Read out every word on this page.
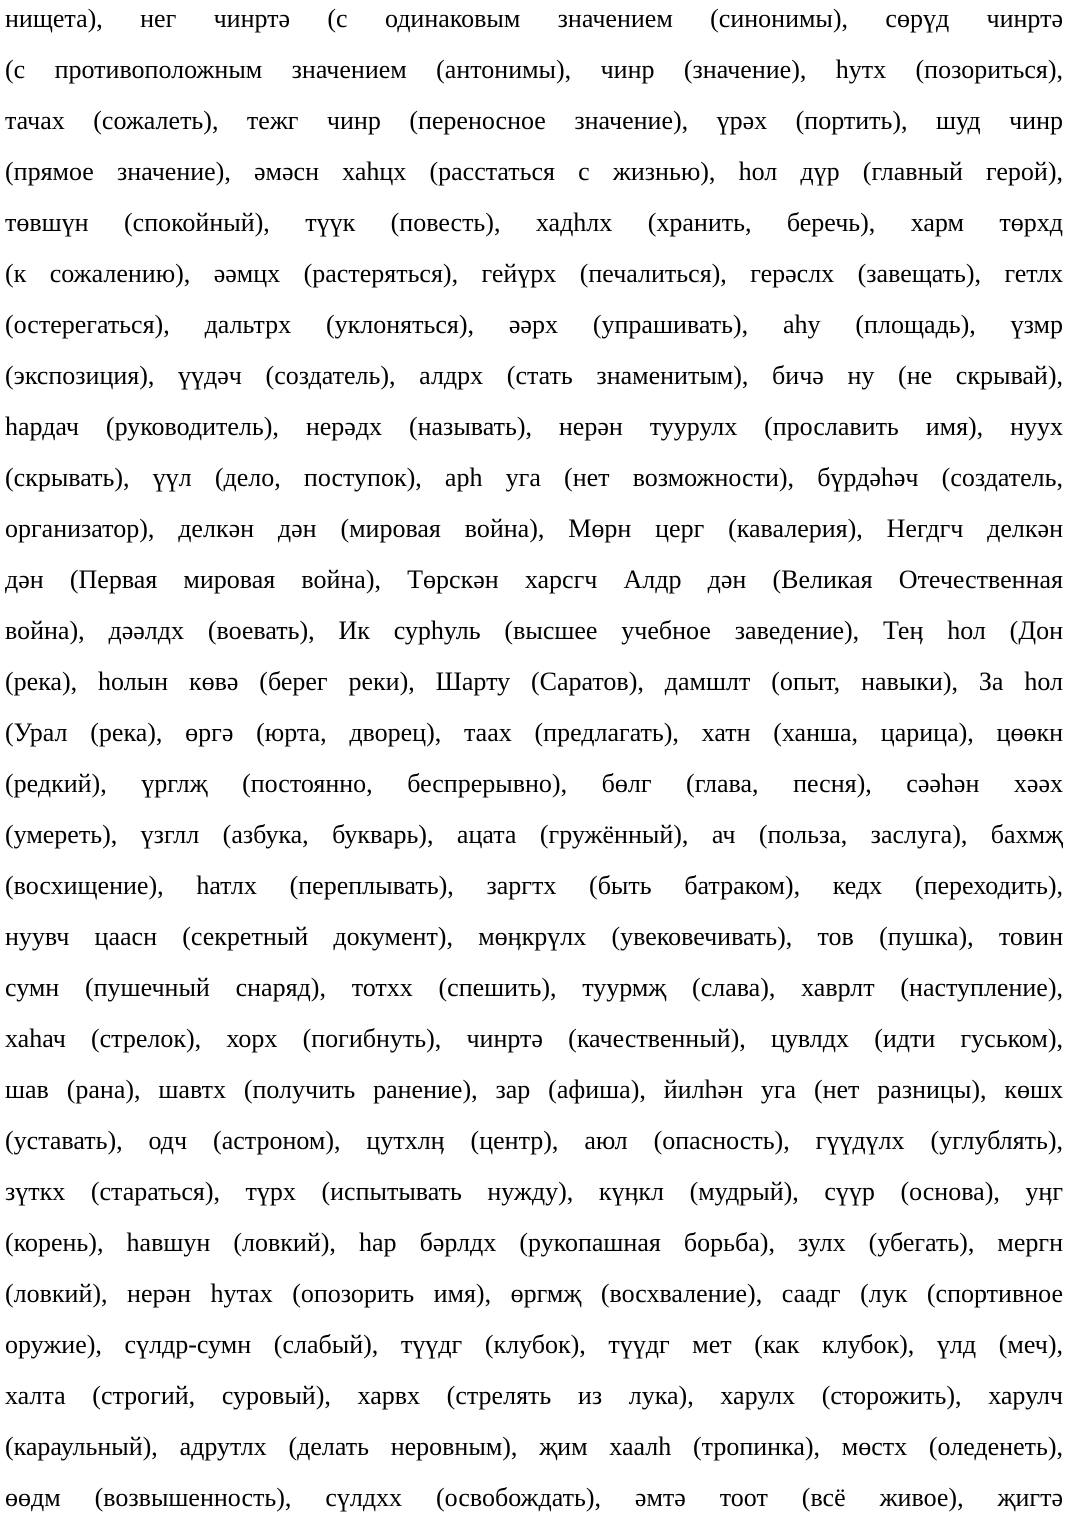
нищета), нег чинртә (с одинаковым значением (синонимы), сөрүд чинртә
(с противоположным значением (антонимы), чинр (значение), һутх (позориться),
тачах (сожалеть), тежг чинр (переносное значение), үрәх (портить), шуд чинр
(прямое значение), әмәсн хаһцх (расстаться с жизнью), һол дүр (главный герой),
төвшүн (спокойный), түүк (повесть), хадһлх (хранить, беречь), харм төрхд
(к сожалению), әәмцх (растеряться), гейүрх (печалиться), герәслх (завещать), гетлх
(остерегаться), дальтрх (уклоняться), әәрх (упрашивать), аһу (площадь), үзмр
(экспозиция), үүдәч (создатель), алдрх (стать знаменитым), бичә ну (не скрывай),
һардач (руководитель), нерәдх (называть), нерән туурулх (прославить имя), нуух
(скрывать), үүл (дело, поступок), арһ уга (нет возможности), бүрдәһәч (создатель,
организатор), делкән дән (мировая война), Мөрн церг (кавалерия), Негдгч делкән
дән (Первая мировая война), Төрскән харсгч Алдр дән (Великая Отечественная
война), дәәлдх (воевать), Ик сурһуль (высшее учебное заведение), Теӊ һол (Дон
(река), һолын көвә (берег реки), Шарту (Саратов), дамшлт (опыт, навыки), За һол
(Урал (река), өргә (юрта, дворец), таах (предлагать), хатн (ханша, царица), цөөкн
(редкий), үрглҗ (постоянно, беспрерывно), бөлг (глава, песня), сәәһән хәәх
(умереть), үзглл (азбука, букварь), ацата (гружённый), ач (польза, заслуга), бахмҗ
(восхищение), һатлх (переплывать), заргтх (быть батраком), кедх (переходить),
нуувч цаасн (секретный документ), мөӊкрүлх (увековечивать), тов (пушка), товин
сумн (пушечный снаряд), тотхх (спешить), туурмҗ (слава), хаврлт (наступление),
хаһач (стрелок), хорх (погибнуть), чинртә (качественный), цувлдх (идти гуськом),
шав (рана), шавтх (получить ранение), зар (афиша), йилһән уга (нет разницы), көшх
(уставать), одч (астроном), цутхлӊ (центр), аюл (опасность), гүүдүлх (углублять),
зүткх (стараться), түрх (испытывать нужду), күӊкл (мудрый), сүүр (основа), уӊг
(корень), һавшун (ловкий), һар бәрлдх (рукопашная борьба), зулх (убегать), мергн
(ловкий), нерән һутах (опозорить имя), өргмҗ (восхваление), саадг (лук (спортивное
оружие), сүлдр-сумн (слабый), түүдг (клубок), түүдг мет (как клубок), үлд (меч),
халта (строгий, суровый), харвх (стрелять из лука), харулх (сторожить), харулч
(караульный), адрутлх (делать неровным), җим хаалһ (тропинка), мөстх (оледенеть),
өөдм (возвышенность), сүлдхх (освобождать), әмтә тоот (всё живое), җигтә
